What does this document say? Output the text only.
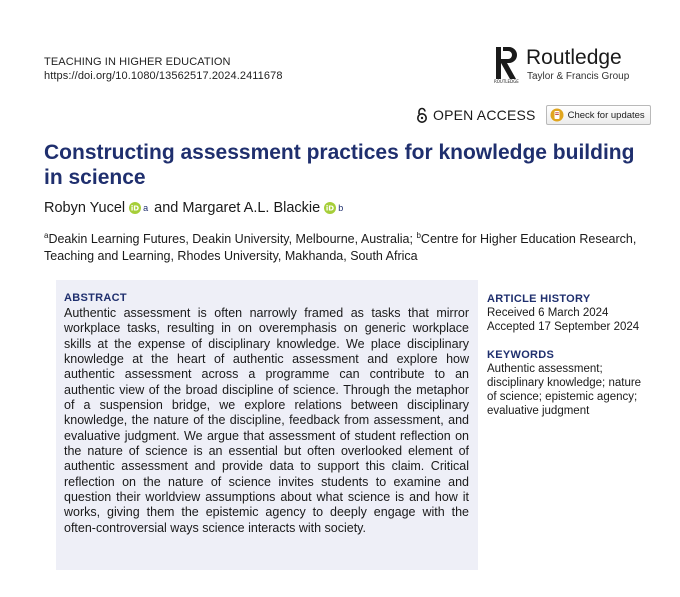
TEACHING IN HIGHER EDUCATION
https://doi.org/10.1080/13562517.2024.2411678	ROUTLEDGE
Routledge
Taylor & Francis Group
OPEN ACCESS	Check for updates
Constructing assessment practices for knowledge building in science
Robyn Yucel iD a and
Margaret A.L. Blackie iD b
$^a$Deakin Learning Futures, Deakin University, Melbourne, Australia; $^b$Centre for Higher Education Research, Teaching and Learning, Rhodes University, Makhanda, South Africa
ABSTRACT
Authentic assessment is often narrowly framed as tasks that mirror workplace tasks, resulting in on overemphasis on generic workplace skills at the expense of disciplinary knowledge. We place disciplinary knowledge at the heart of authentic assessment and explore how authentic assessment across a programme can contribute to an authentic view of the broad discipline of science. Through the metaphor of a suspension bridge, we explore relations between disciplinary knowledge, the nature of the discipline, feedback from assessment, and evaluative judgment. We argue that assessment of student reflection on the nature of science is an essential but often overlooked element of authentic assessment and provide data to support this claim. Critical reflection on the nature of science invites students to examine and question their worldview assumptions about what science is and how it works, giving them the epistemic agency to deeply engage with the often-controversial ways science interacts with society.
ARTICLE HISTORY
Received 6 March 2024
Accepted 17 September 2024
KEYWORDS
Authentic assessment; disciplinary knowledge; nature of science; epistemic agency; evaluative judgment
